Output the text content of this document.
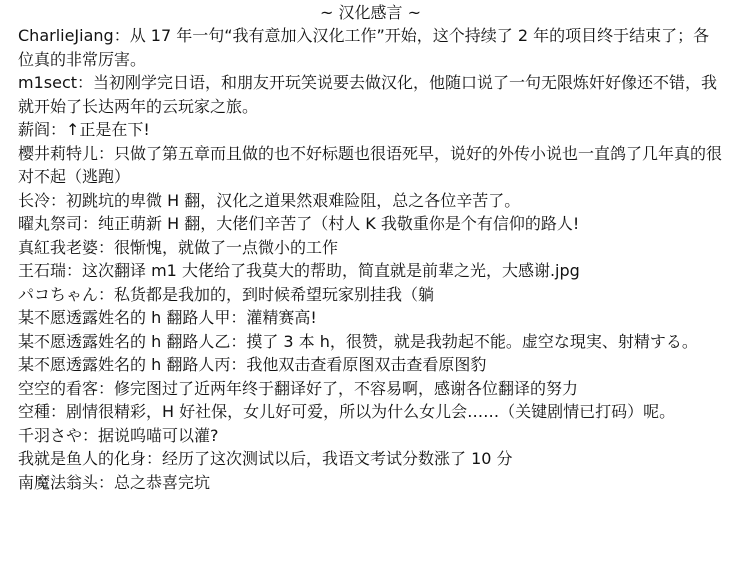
~ 汉化感言 ~
CharlieJiang：从 17 年一句“我有意加入汉化工作”开始，这个持续了 2 年的项目终于结束了；各位真的非常厉害。
m1sect：当初刚学完日语，和朋友开玩笑说要去做汉化，他随口说了一句无限炼奸好像还不错，我就开始了长达两年的云玩家之旅。
薪阎：↑正是在下!
樱井莉特儿：只做了第五章而且做的也不好标题也很语死早，说好的外传小说也一直鸽了几年真的很对不起（逃跑）
长冷：初跳坑的卑微 H 翻，汉化之道果然艰难险阻，总之各位辛苦了。
曜丸祭司：纯正萌新 H 翻，大佬们辛苦了（村人 K 我敬重你是个有信仰的路人!
真紅我老婆：很惭愧，就做了一点微小的工作
王石瑞：这次翻译 m1 大佬给了我莫大的帮助，简直就是前辈之光，大感谢.jpg
パコちゃん：私货都是我加的，到时候希望玩家别挂我（躺
某不愿透露姓名的 h 翻路人甲：灌精赛高!
某不愿透露姓名的 h 翻路人乙：摸了 3 本 h，很赞，就是我勃起不能。虚空な現実、射精する。
某不愿透露姓名的 h 翻路人丙：我他双击查看原图双击查看原图豹
空空的看客：修完图过了近两年终于翻译好了，不容易啊，感谢各位翻译的努力
空種：剧情很精彩，H 好社保，女儿好可爱，所以为什么女儿会……（关键剧情已打码）呢。
千羽さや：据说呜喵可以灌?
我就是鱼人的化身：经历了这次测试以后，我语文考试分数涨了 10 分
南魔法翁头：总之恭喜完坑
